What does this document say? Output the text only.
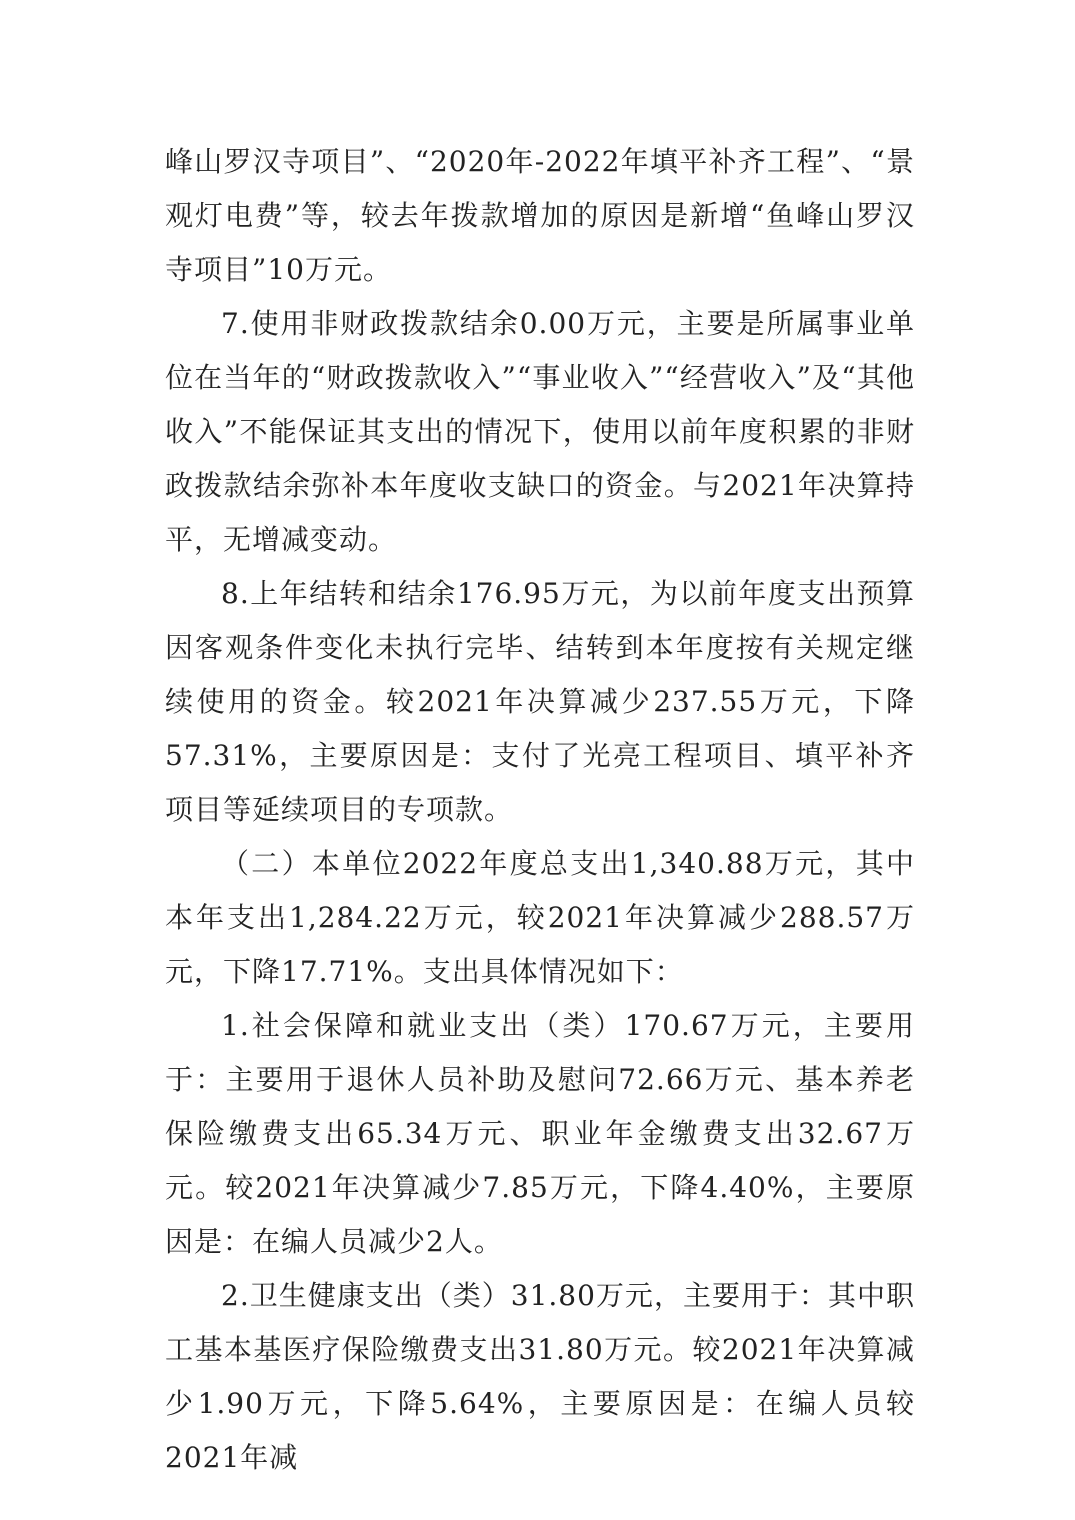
峰山罗汉寺项目”、“2020年-2022年填平补齐工程”、“景观灯电费”等，较去年拨款增加的原因是新增“鱼峰山罗汉寺项目”10万元。

7.使用非财政拨款结余0.00万元，主要是所属事业单位在当年的“财政拨款收入”“事业收入”“经营收入”及“其他收入”不能保证其支出的情况下，使用以前年度积累的非财政拨款结余弥补本年度收支缺口的资金。与2021年决算持平，无增减变动。

8.上年结转和结余176.95万元，为以前年度支出预算因客观条件变化未执行完毕、结转到本年度按有关规定继续使用的资金。较2021年决算减少237.55万元，下降57.31%，主要原因是：支付了光亮工程项目、填平补齐项目等延续项目的专项款。

（二）本单位2022年度总支出1,340.88万元，其中本年支出1,284.22万元，较2021年决算减少288.57万元，下降17.71%。支出具体情况如下：

1.社会保障和就业支出（类）170.67万元，主要用于：主要用于退休人员补助及慰问72.66万元、基本养老保险缴费支出65.34万元、职业年金缴费支出32.67万元。较2021年决算减少7.85万元，下降4.40%，主要原因是：在编人员减少2人。

2.卫生健康支出（类）31.80万元，主要用于：其中职工基本基医疗保险缴费支出31.80万元。较2021年决算减少1.90万元，下降5.64%，主要原因是：在编人员较2021年减
